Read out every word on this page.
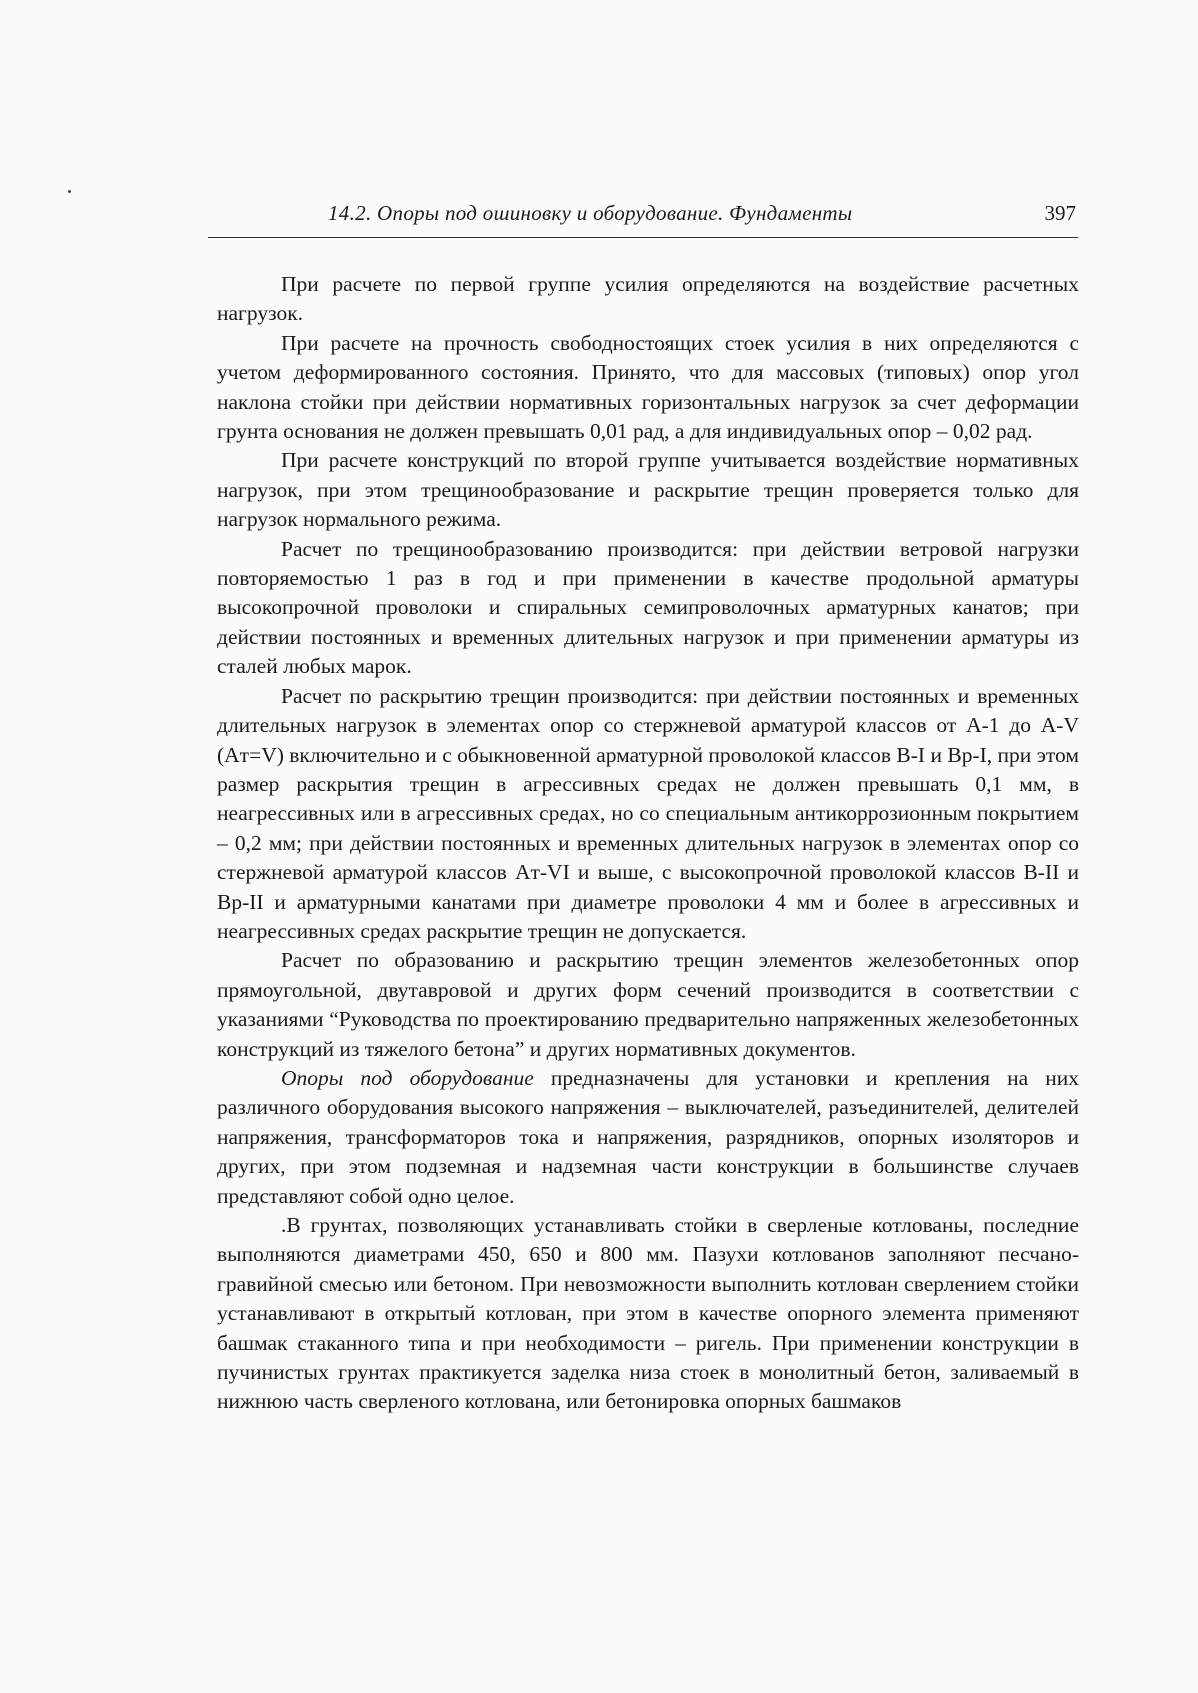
14.2. Опоры под ошиновку и оборудование. Фундаменты	397

При расчете по первой группе усилия определяются на воздействие расчетных нагрузок.

При расчете на прочность свободностоящих стоек усилия в них определяются с учетом деформированного состояния. Принято, что для массовых (типовых) опор угол наклона стойки при действии нормативных горизонтальных нагрузок за счет деформации грунта основания не должен превышать 0,01 рад, а для индивидуальных опор – 0,02 рад.

При расчете конструкций по второй группе учитывается воздействие нормативных нагрузок, при этом трещинообразование и раскрытие трещин проверяется только для нагрузок нормального режима.

Расчет по трещинообразованию производится: при действии ветровой нагрузки повторяемостью 1 раз в год и при применении в качестве продольной арматуры высокопрочной проволоки и спиральных семипроволочных арматурных канатов; при действии постоянных и временных длительных нагрузок и при применении арматуры из сталей любых марок.

Расчет по раскрытию трещин производится: при действии постоянных и временных длительных нагрузок в элементах опор со стержневой арматурой классов от А-1 до А-V (Aт=V) включительно и с обыкновенной арматурной проволокой классов В-I и Вр-I, при этом размер раскрытия трещин в агрессивных средах не должен превышать 0,1 мм, в неагрессивных или в агрессивных средах, но со специальным антикоррозионным покрытием – 0,2 мм; при действии постоянных и временных длительных нагрузок в элементах опор со стержневой арматурой классов Aт-VI и выше, с высокопрочной проволокой классов В-II и Вр-II и арматурными канатами при диаметре проволоки 4 мм и более в агрессивных и неагрессивных средах раскрытие трещин не допускается.

Расчет по образованию и раскрытию трещин элементов железобетонных опор прямоугольной, двутавровой и других форм сечений производится в соответствии с указаниями “Руководства по проектированию предварительно напряженных железобетонных конструкций из тяжелого бетона” и других нормативных документов.

Опоры под оборудование предназначены для установки и крепления на них различного оборудования высокого напряжения – выключателей, разъединителей, делителей напряжения, трансформаторов тока и напряжения, разрядников, опорных изоляторов и других, при этом подземная и надземная части конструкции в большинстве случаев представляют собой одно целое.

.В грунтах, позволяющих устанавливать стойки в сверленые котлованы, последние выполняются диаметрами 450, 650 и 800 мм. Пазухи котлованов заполняют песчано-гравийной смесью или бетоном. При невозможности выполнить котлован сверлением стойки устанавливают в открытый котлован, при этом в качестве опорного элемента применяют башмак стаканного типа и при необходимости – ригель. При применении конструкции в пучинистых грунтах практикуется заделка низа стоек в монолитный бетон, заливаемый в нижнюю часть сверленого котлована, или бетонировка опорных башмаков
